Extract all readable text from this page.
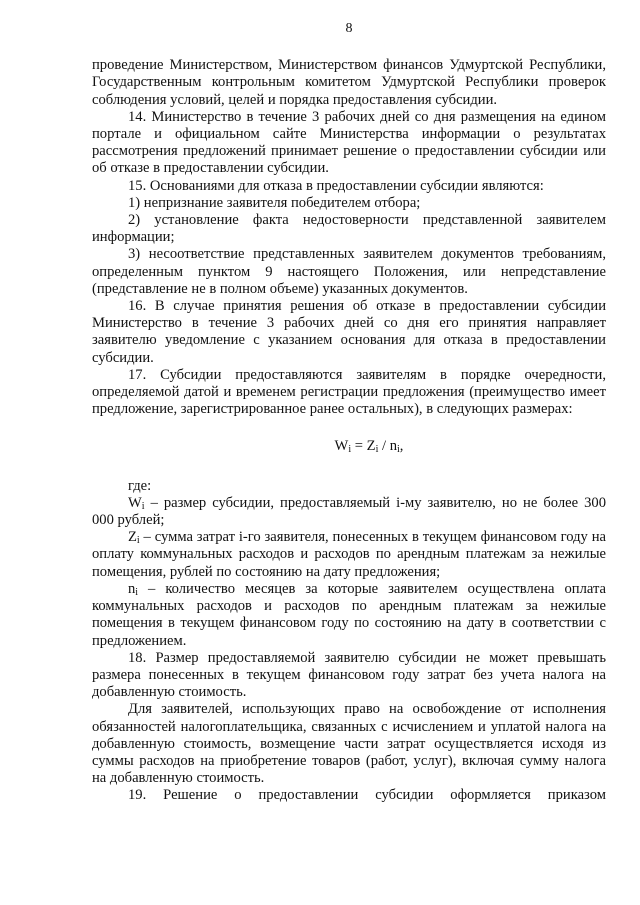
8

проведение Министерством, Министерством финансов Удмуртской Республики, Государственным контрольным комитетом Удмуртской Республики проверок соблюдения условий, целей и порядка предоставления субсидии.

14. Министерство в течение 3 рабочих дней со дня размещения на едином портале и официальном сайте Министерства информации о результатах рассмотрения предложений принимает решение о предоставлении субсидии или об отказе в предоставлении субсидии.

15. Основаниями для отказа в предоставлении субсидии являются:

1) непризнание заявителя победителем отбора;

2) установление факта недостоверности представленной заявителем информации;

3) несоответствие представленных заявителем документов требованиям, определенным пунктом 9 настоящего Положения, или непредставление (представление не в полном объеме) указанных документов.

16. В случае принятия решения об отказе в предоставлении субсидии Министерство в течение 3 рабочих дней со дня его принятия направляет заявителю уведомление с указанием основания для отказа в предоставлении субсидии.

17. Субсидии предоставляются заявителям в порядке очередности, определяемой датой и временем регистрации предложения (преимущество имеет предложение, зарегистрированное ранее остальных), в следующих размерах:

$W_i = Z_i / n_i$,

где:

$W_i$ – размер субсидии, предоставляемый i-му заявителю, но не более 300 000 рублей;

$Z_i$ – сумма затрат i-го заявителя, понесенных в текущем финансовом году на оплату коммунальных расходов и расходов по арендным платежам за нежилые помещения, рублей по состоянию на дату предложения;

$n_i$ – количество месяцев за которые заявителем осуществлена оплата коммунальных расходов и расходов по арендным платежам за нежилые помещения в текущем финансовом году по состоянию на дату в соответствии с предложением.

18. Размер предоставляемой заявителю субсидии не может превышать размера понесенных в текущем финансовом году затрат без учета налога на добавленную стоимость.

Для заявителей, использующих право на освобождение от исполнения обязанностей налогоплательщика, связанных с исчислением и уплатой налога на добавленную стоимость, возмещение части затрат осуществляется исходя из суммы расходов на приобретение товаров (работ, услуг), включая сумму налога на добавленную стоимость.

19. Решение о предоставлении субсидии оформляется приказом
